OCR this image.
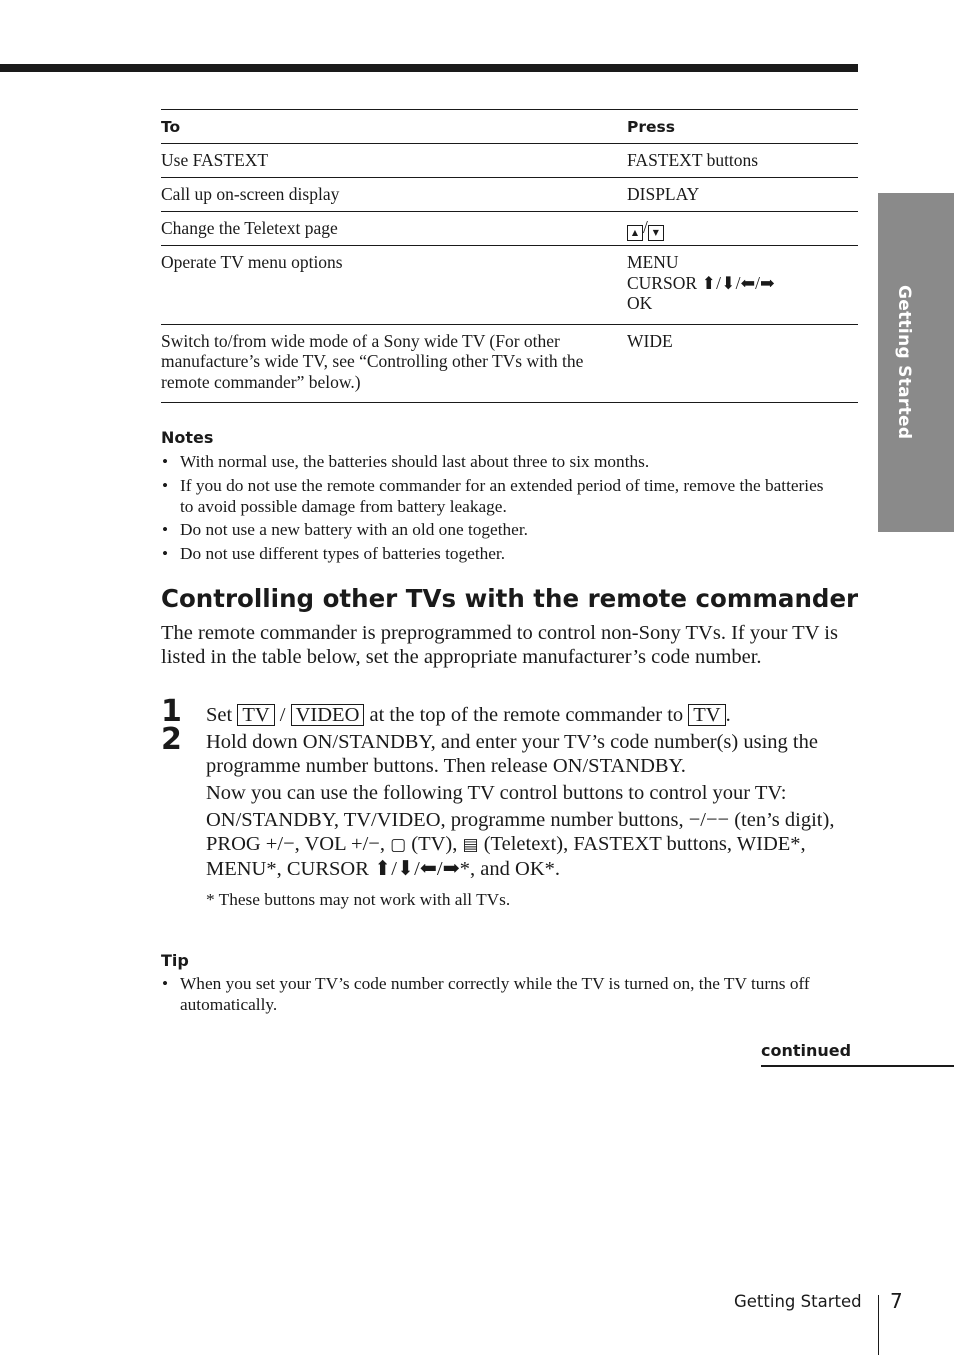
Getting Started
To	Press
Use FASTEXT	FASTEXT buttons
Call up on-screen display	DISPLAY
Change the Teletext page	▲ / ▼
Operate TV menu options	MENU
CURSOR ⬆/⬇/⬅/➡
OK

Switch to/from wide mode of a Sony wide TV (For other manufacture’s wide TV, see “Controlling other TVs with the remote commander” below.)	WIDE
Notes
• With normal use, the batteries should last about three to six months.
• If you do not use the remote commander for an extended period of time, remove the batteries to avoid possible damage from battery leakage.
• Do not use a new battery with an old one together.
• Do not use different types of batteries together.
Controlling other TVs with the remote commander

The remote commander is preprogrammed to control non-Sony TVs. If your TV is listed in the table below, set the appropriate manufacturer’s code number.

1 Set TV / VIDEO at the top of the remote commander to TV .

2 Hold down ON/STANDBY, and enter your TV’s code number(s) using the programme number buttons. Then release ON/STANDBY.

Now you can use the following TV control buttons to control your TV:

ON/STANDBY, TV/VIDEO, programme number buttons, −/−− (ten’s digit), PROG +/−, VOL +/−, ▢ (TV), ▤ (Teletext), FASTEXT buttons, WIDE*, MENU*, CURSOR ⬆/⬇/⬅/➡*, and OK*.

* These buttons may not work with all TVs.
Tip
• When you set your TV’s code number correctly while the TV is turned on, the TV turns off automatically.
continued
Getting Started 7
